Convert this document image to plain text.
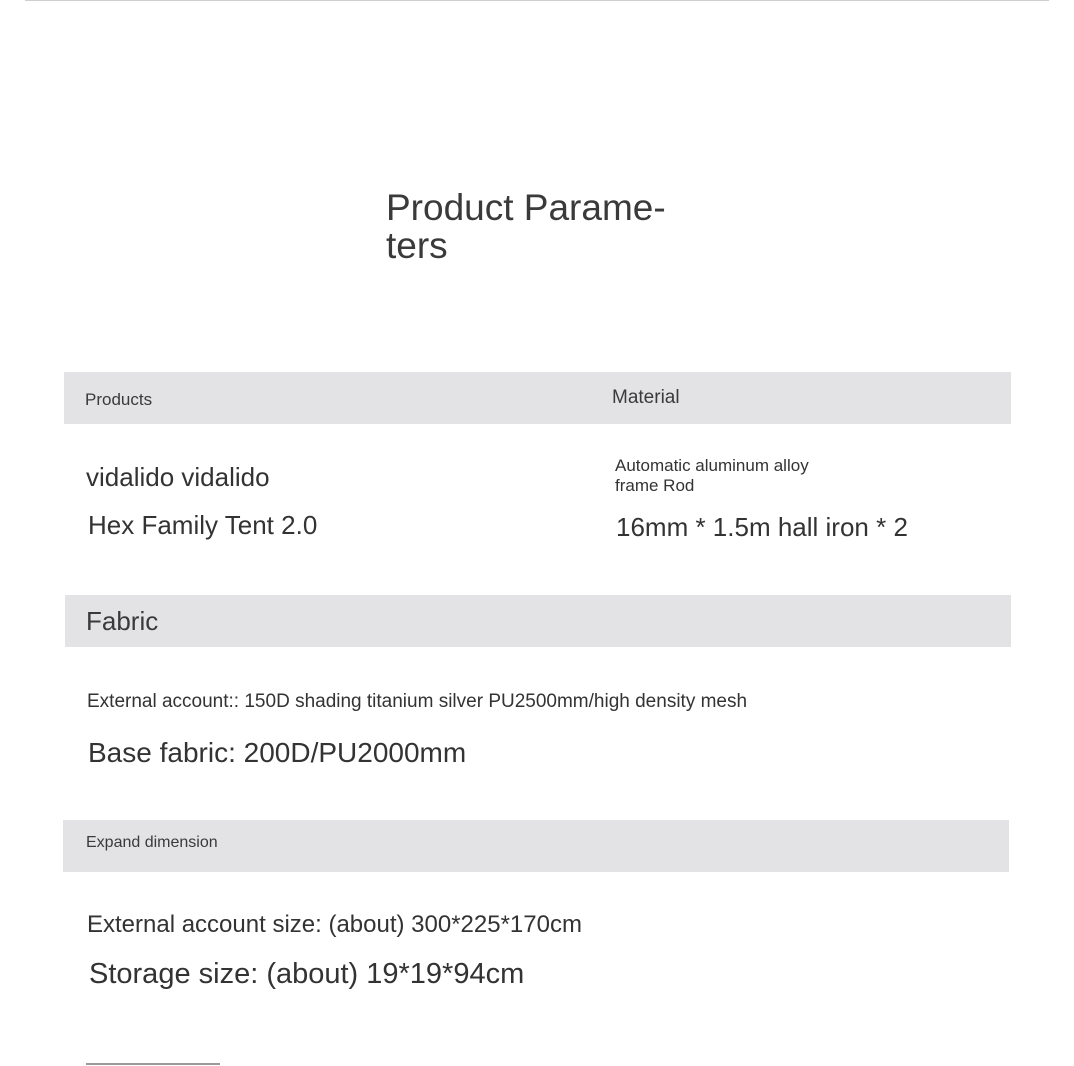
Product Parame- ters
Products	Material
vidalido vidalido
Hex Family Tent 2.0
Automatic aluminum alloy
frame Rod
16mm * 1.5m hall iron * 2
Fabric
External account:: 150D shading titanium silver PU2500mm/high density mesh
Base fabric: 200D/PU2000mm
Expand dimension
External account size: (about) 300*225*170cm
Storage size: (about) 19*19*94cm
